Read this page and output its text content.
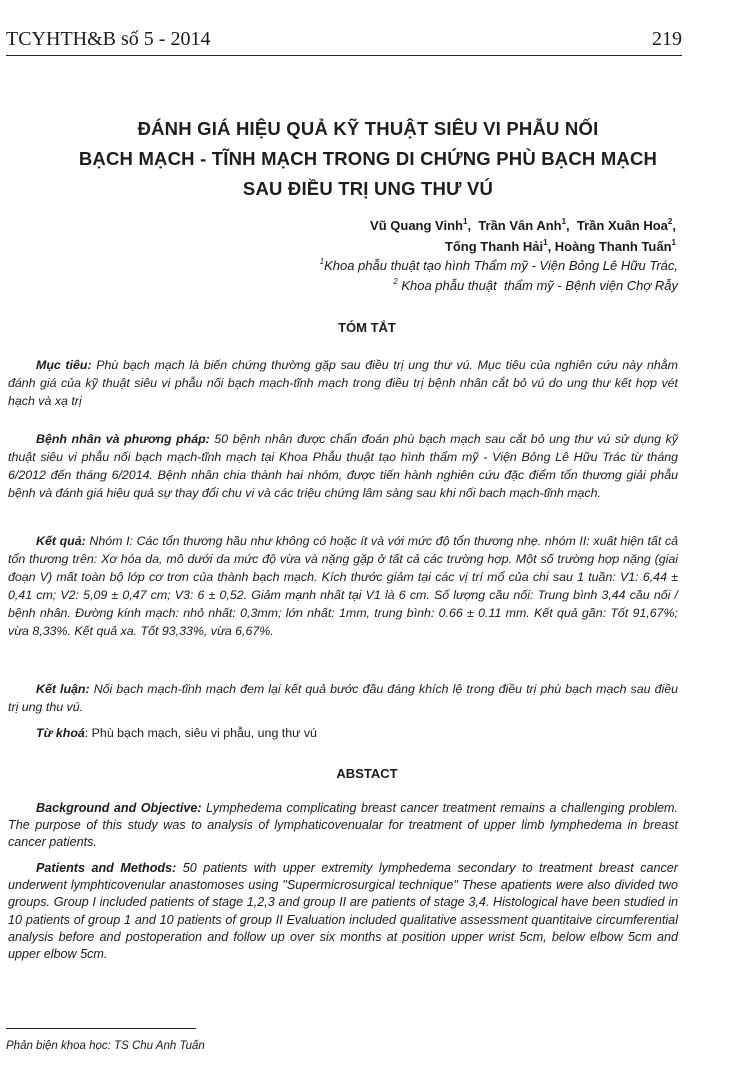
TCYHTH&B số 5 - 2014	219
ĐÁNH GIÁ HIỆU QUẢ KỸ THUẬT SIÊU VI PHẪU NỐI
BẠCH MẠCH - TĨNH MẠCH TRONG DI CHỨNG PHÙ BẠCH MẠCH
SAU ĐIỀU TRỊ UNG THƯ VÚ
Vũ Quang Vinh$^1$,  Trần Vân Anh$^1$,  Trần Xuân Hoa$^2$,
Tống Thanh Hải$^1$, Hoàng Thanh Tuấn$^1$
$^1$Khoa phẫu thuật tạo hình Thẩm mỹ - Viện Bỏng Lê Hữu Trác,
$^2$ Khoa phẫu thuật  thẩm mỹ - Bệnh viện Chợ Rẫy
TÓM TẮT
Mục tiêu: Phù bạch mạch là biến chứng thường gặp sau điều trị ung thư vú. Mục tiêu của nghiên cứu này nhằm đánh giá của kỹ thuật siêu vi phẫu nối bạch mạch-tĩnh mạch trong điều trị bệnh nhân cắt bỏ vú do ung thư kết hợp vét hạch và xạ trị
Bệnh nhân và phương pháp: 50 bệnh nhân được chẩn đoán phù bạch mạch sau cắt bỏ ung thư vú sử dụng kỹ thuật siêu vi phẫu nối bạch mạch-tĩnh mạch tại Khoa Phẫu thuật tạo hình thẩm mỹ - Viện Bỏng Lê Hữu Trác từ tháng 6/2012 đến tháng 6/2014. Bệnh nhân chia thành hai nhóm, được tiến hành nghiên cứu đặc điểm tổn thương giải phẫu bệnh và đánh giá hiệu quả sự thay đổi chu vi và các triệu chứng lâm sàng sau khi nối bach mạch-tĩnh mạch.
Kết quả: Nhóm I: Các tổn thương hầu như không có hoặc ít và với mức độ tổn thương nhẹ. nhóm II: xuất hiện tất cả tổn thương trên: Xơ hóa da, mô dưới da mức độ vừa và nặng gặp ở tất cả các trường hợp. Một số trường hợp nặng (giai đoạn V) mất toàn bộ lớp cơ trơn của thành bạch mạch. Kích thước giảm tại các vị trí mổ của chi sau 1 tuần: V1: 6,44 ± 0,41 cm; V2: 5,09 ± 0,47 cm; V3: 6 ± 0,52. Giảm mạnh nhất tại V1 là 6 cm. Số lượng cầu nối: Trung bình 3,44 cầu nối / bệnh nhân. Đường kính mạch: nhỏ nhất: 0,3mm; lớn nhất: 1mm, trung bình: 0.66 ± 0.11 mm. Kết quả gần: Tốt 91,67%; vừa 8,33%. Kết quả xa. Tốt 93,33%, vừa 6,67%.
Kết luận: Nối bạch mạch-tĩnh mạch đem lại kết quả bước đầu đáng khích lệ trong điều trị phù bạch mạch sau điều trị ung thu vú.
Từ khoá: Phù bạch mạch, siêu vi phẫu, ung thư vú
ABSTACT
Background and Objective: Lymphedema complicating breast cancer treatment remains a challenging problem. The purpose of this study was to analysis of lymphaticovenualar for treatment of upper limb lymphedema in breast cancer patients.
Patients and Methods: 50 patients with upper extremity lymphedema secondary to treatment breast cancer underwent lymphticovenular anastomoses using "Supermicrosurgical technique" These apatients were also divided two groups. Group I included patients of stage 1,2,3 and group II are patients of stage 3,4. Histological have been studied in 10 patients of group 1 and 10 patients of group II Evaluation included qualitative assessment quantitaive circumferential analysis before and postoperation and follow up over six months at position upper wrist 5cm, below elbow 5cm and upper elbow 5cm.
Phản biện khoa học: TS Chu Anh Tuấn
